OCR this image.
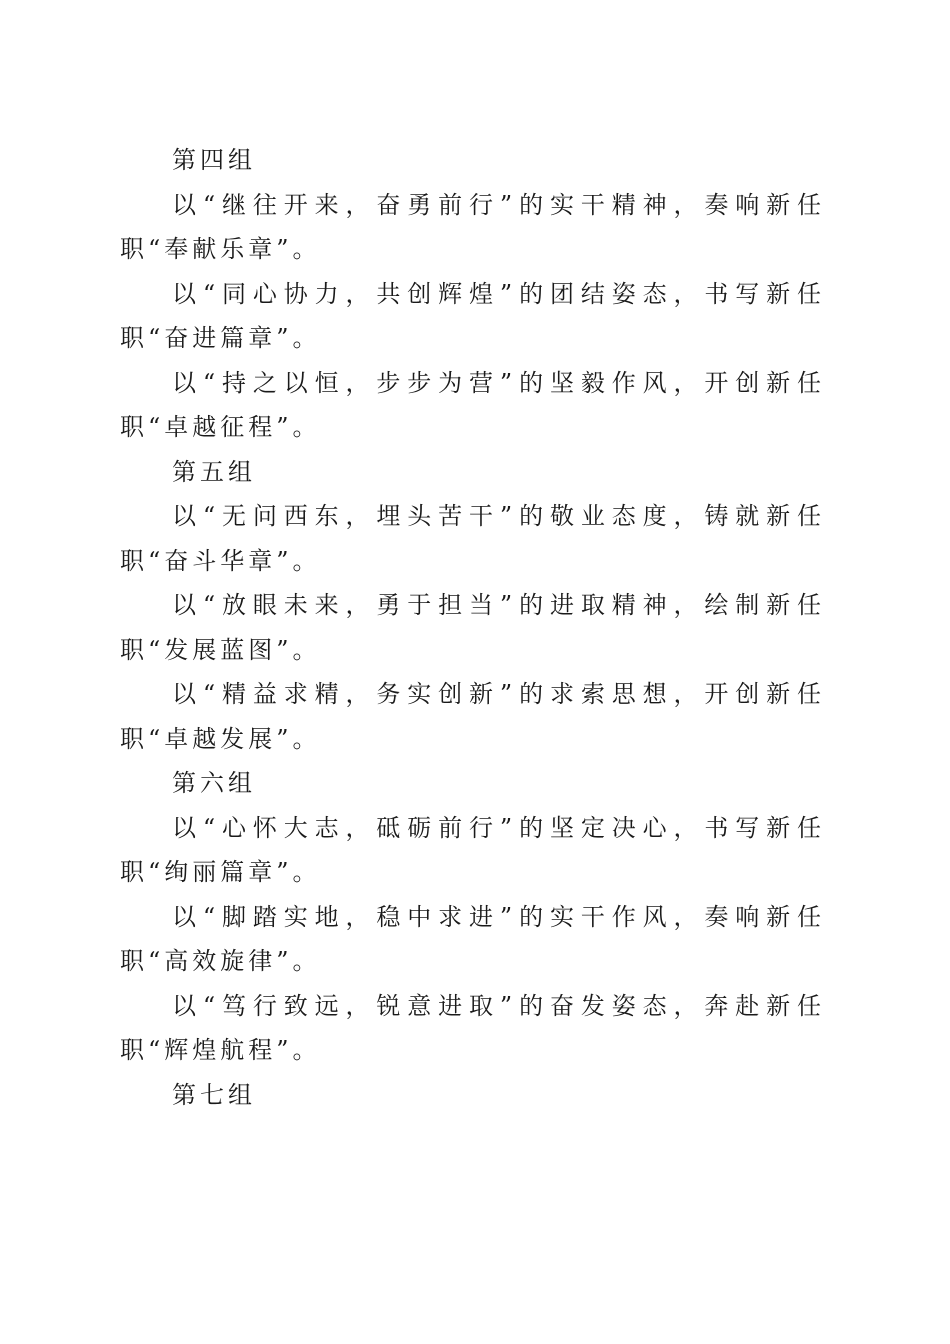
第四组

以“继往开来，奋勇前行”的实干精神，奏响新任职“奉献乐章”。

以“同心协力，共创辉煌”的团结姿态，书写新任职“奋进篇章”。

以“持之以恒，步步为营”的坚毅作风，开创新任职“卓越征程”。

第五组

以“无问西东，埋头苦干”的敬业态度，铸就新任职“奋斗华章”。

以“放眼未来，勇于担当”的进取精神，绘制新任职“发展蓝图”。

以“精益求精，务实创新”的求索思想，开创新任职“卓越发展”。

第六组

以“心怀大志，砥砺前行”的坚定决心，书写新任职“绚丽篇章”。

以“脚踏实地，稳中求进”的实干作风，奏响新任职“高效旋律”。

以“笃行致远，锐意进取”的奋发姿态，奔赴新任职“辉煌航程”。

第七组
